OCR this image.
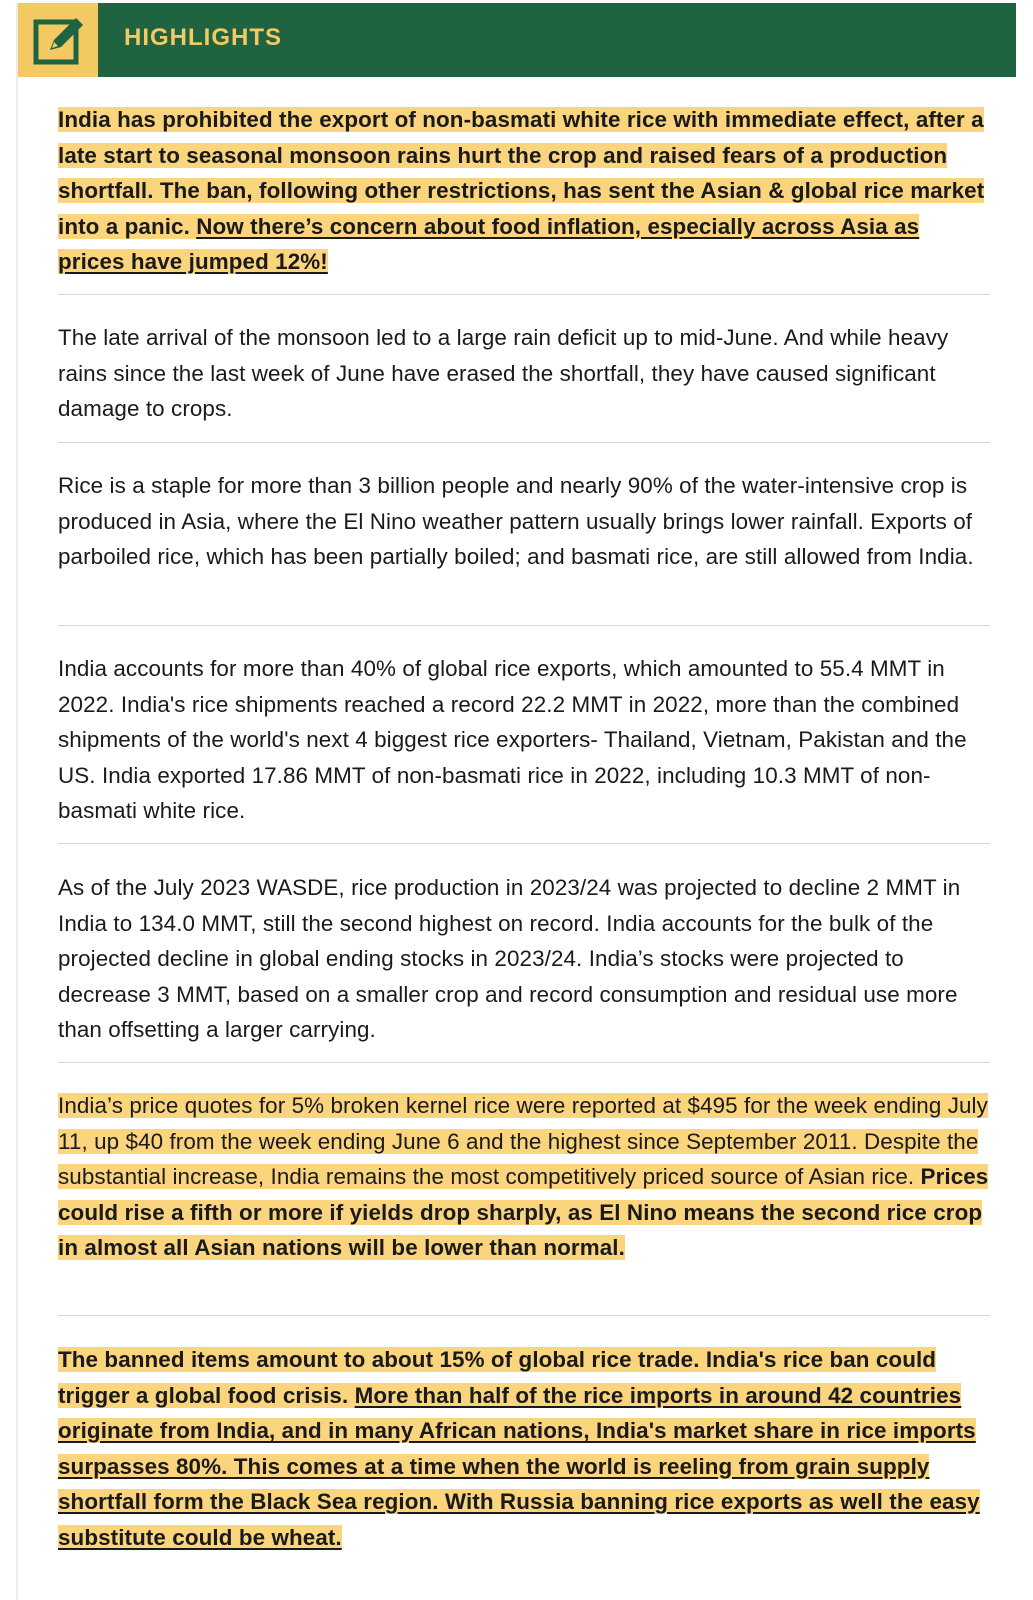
HIGHLIGHTS

India has prohibited the export of non-basmati white rice with immediate effect, after a late start to seasonal monsoon rains hurt the crop and raised fears of a production shortfall. The ban, following other restrictions, has sent the Asian & global rice market into a panic. Now there’s concern about food inflation, especially across Asia as prices have jumped 12%!

The late arrival of the monsoon led to a large rain deficit up to mid-June. And while heavy rains since the last week of June have erased the shortfall, they have caused significant damage to crops.

Rice is a staple for more than 3 billion people and nearly 90% of the water-intensive crop is produced in Asia, where the El Nino weather pattern usually brings lower rainfall. Exports of parboiled rice, which has been partially boiled; and basmati rice, are still allowed from India.

India accounts for more than 40% of global rice exports, which amounted to 55.4 MMT in 2022. India's rice shipments reached a record 22.2 MMT in 2022, more than the combined shipments of the world's next 4 biggest rice exporters- Thailand, Vietnam, Pakistan and the US. India exported 17.86 MMT of non-basmati rice in 2022, including 10.3 MMT of non-basmati white rice.

As of the July 2023 WASDE, rice production in 2023/24 was projected to decline 2 MMT in India to 134.0 MMT, still the second highest on record. India accounts for the bulk of the projected decline in global ending stocks in 2023/24. India’s stocks were projected to decrease 3 MMT, based on a smaller crop and record consumption and residual use more than offsetting a larger carrying.

India’s price quotes for 5% broken kernel rice were reported at $495 for the week ending July 11, up $40 from the week ending June 6 and the highest since September 2011. Despite the substantial increase, India remains the most competitively priced source of Asian rice. Prices could rise a fifth or more if yields drop sharply, as El Nino means the second rice crop in almost all Asian nations will be lower than normal.

The banned items amount to about 15% of global rice trade. India's rice ban could trigger a global food crisis. More than half of the rice imports in around 42 countries originate from India, and in many African nations, India's market share in rice imports surpasses 80%. This comes at a time when the world is reeling from grain supply shortfall form the Black Sea region. With Russia banning rice exports as well the easy substitute could be wheat.
